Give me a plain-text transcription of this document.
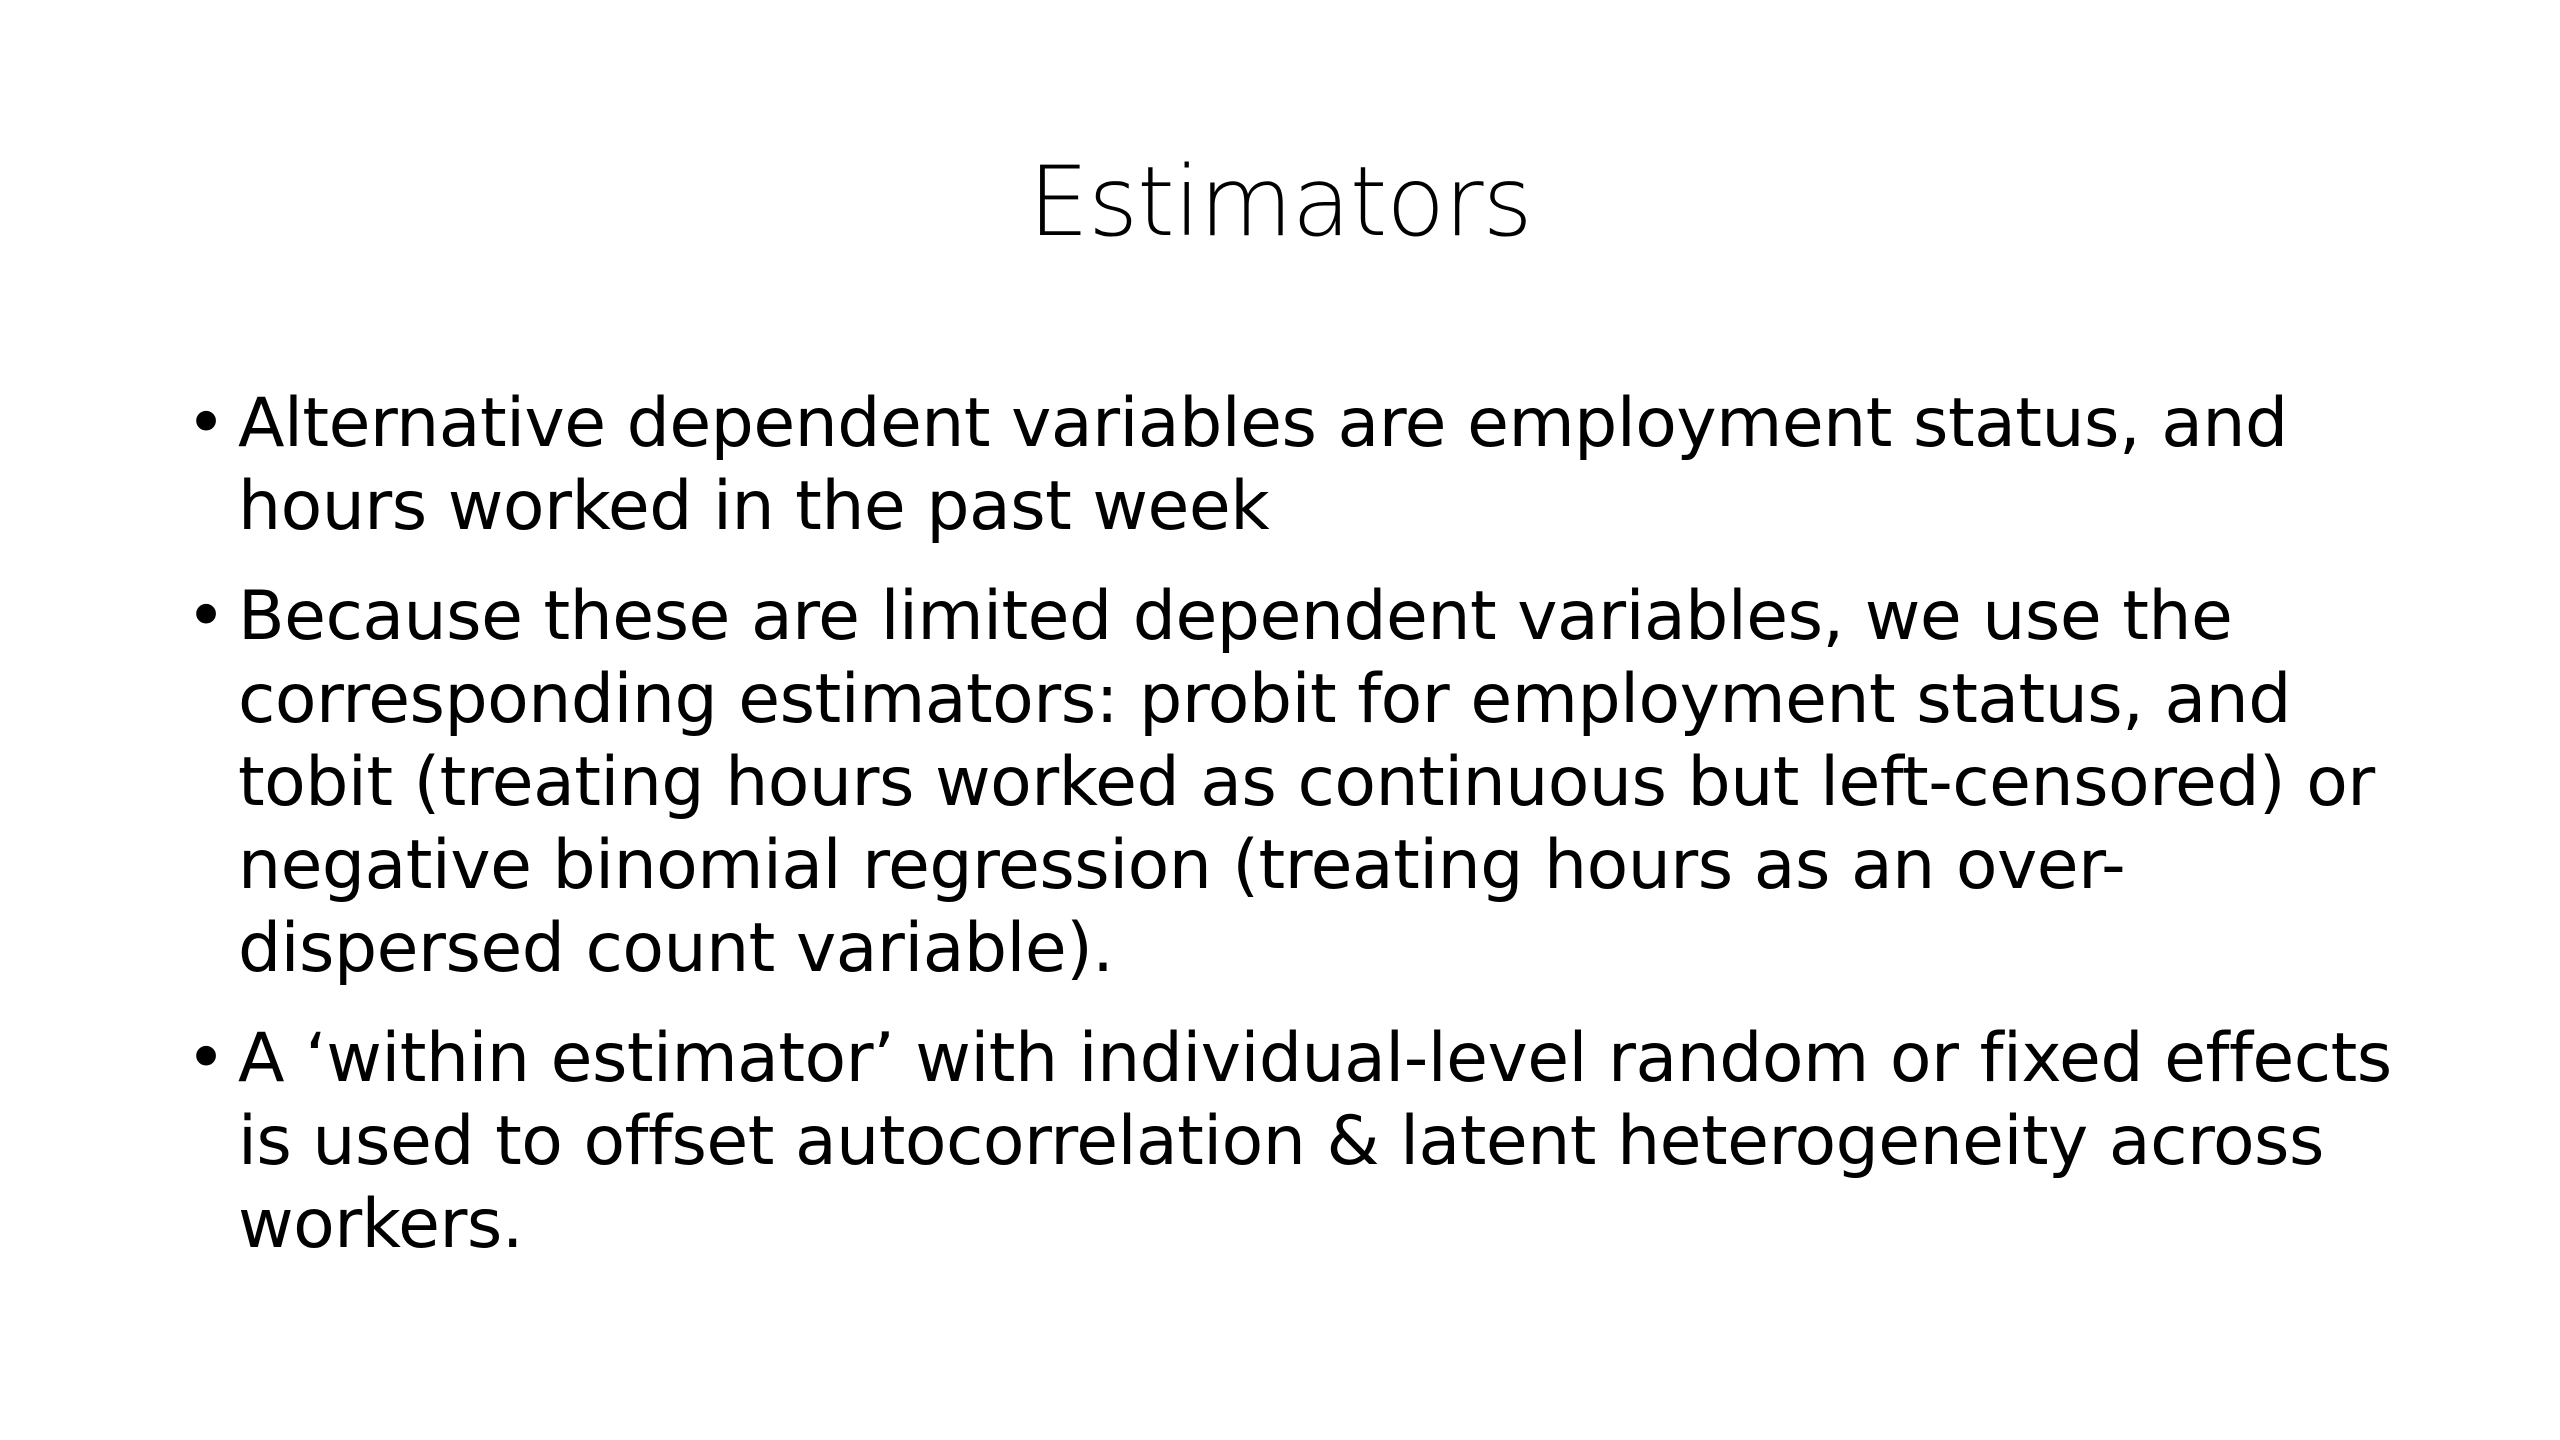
Estimators
• Alternative dependent variables are employment status, and hours worked in the past week
• Because these are limited dependent variables, we use the corresponding estimators: probit for employment status, and tobit (treating hours worked as continuous but left-censored) or negative binomial regression (treating hours as an over-dispersed count variable).
• A ‘within estimator’ with individual-level random or fixed effects is used to offset autocorrelation & latent heterogeneity across workers.
